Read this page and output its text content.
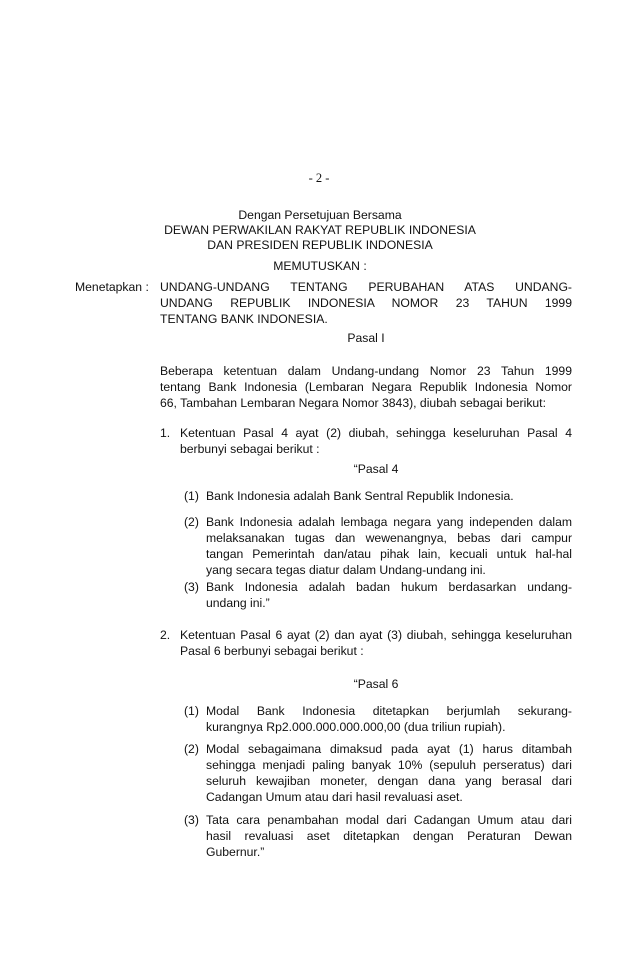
- 2 -
Dengan Persetujuan Bersama
DEWAN PERWAKILAN RAKYAT REPUBLIK INDONESIA
DAN PRESIDEN REPUBLIK INDONESIA
MEMUTUSKAN :
Menetapkan : UNDANG-UNDANG TENTANG PERUBAHAN ATAS UNDANG-
UNDANG REPUBLIK INDONESIA NOMOR 23 TAHUN 1999
TENTANG BANK INDONESIA.
Pasal I
Beberapa ketentuan dalam Undang-undang Nomor 23 Tahun 1999
tentang Bank Indonesia (Lembaran Negara Republik Indonesia Nomor
66, Tambahan Lembaran Negara Nomor 3843), diubah sebagai berikut:
1. Ketentuan Pasal 4 ayat (2) diubah, sehingga keseluruhan Pasal 4
berbunyi sebagai berikut :
“Pasal 4
(1) Bank Indonesia adalah Bank Sentral Republik Indonesia.
(2) Bank Indonesia adalah lembaga negara yang independen dalam
melaksanakan tugas dan wewenangnya, bebas dari campur
tangan Pemerintah dan/atau pihak lain, kecuali untuk hal-hal
yang secara tegas diatur dalam Undang-undang ini.
(3) Bank Indonesia adalah badan hukum berdasarkan undang-
undang ini.”
2. Ketentuan Pasal 6 ayat (2) dan ayat (3) diubah, sehingga keseluruhan
Pasal 6 berbunyi sebagai berikut :
“Pasal 6
(1) Modal Bank Indonesia ditetapkan berjumlah sekurang-
kurangnya Rp2.000.000.000.000,00 (dua triliun rupiah).
(2) Modal sebagaimana dimaksud pada ayat (1) harus ditambah
sehingga menjadi paling banyak 10% (sepuluh perseratus) dari
seluruh kewajiban moneter, dengan dana yang berasal dari
Cadangan Umum atau dari hasil revaluasi aset.
(3) Tata cara penambahan modal dari Cadangan Umum atau dari
hasil revaluasi aset ditetapkan dengan Peraturan Dewan
Gubernur.”
